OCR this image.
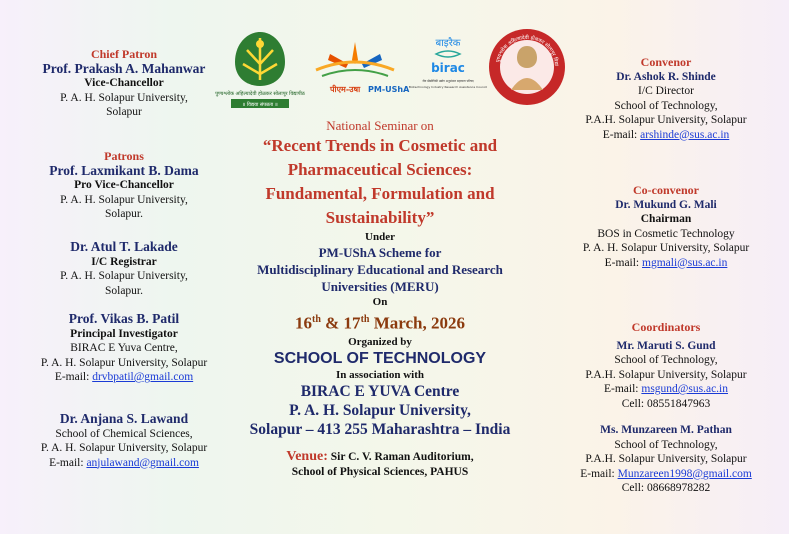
Chief Patron
Prof. Prakash A. Mahanwar
Vice-Chancellor
P. A. H. Solapur University,
Solapur
Patrons
Prof. Laxmikant B. Dama
Pro Vice-Chancellor
P. A. H. Solapur University,
Solapur.
Dr. Atul T. Lakade
I/C Registrar
P. A. H. Solapur University,
Solapur.
Prof. Vikas B. Patil
Principal Investigator
BIRAC E Yuva Centre,
P. A. H. Solapur University, Solapur
E-mail: drvbpatil@gmail.com
Dr. Anjana S. Lawand
School of Chemical Sciences,
P. A. H. Solapur University, Solapur
E-mail: anjulawand@gmail.com
पुण्यश्लोक अहिल्यादेवी होळकर सोलापूर विद्यापीठ
॥ विद्यया संपन्नता ॥
पीएम-उषा PM-UShA
बाइरैक
birac
जैव प्रौद्योगिकी उद्योग अनुसंधान सहायता परिषद
Biotechnology Industry Research Assistance Council
पुण्यश्लोक अहिल्यादेवी होळकर सोलापूर विद्या
National Seminar on
“Recent Trends in Cosmetic and
Pharmaceutical Sciences:
Fundamental, Formulation and
Sustainability”
Under
PM-UShA Scheme for
Multidisciplinary Educational and Research
Universities (MERU)
On
16th & 17th March, 2026
Organized by
SCHOOL OF TECHNOLOGY
In association with
BIRAC E YUVA Centre
P. A. H. Solapur University,
Solapur – 413 255 Maharashtra – India
Venue: Sir C. V. Raman Auditorium,
School of Physical Sciences, PAHUS
Convenor
Dr. Ashok R. Shinde
I/C Director
School of Technology,
P.A.H. Solapur University, Solapur
E-mail: arshinde@sus.ac.in
Co-convenor
Dr. Mukund G. Mali
Chairman
BOS in Cosmetic Technology
P. A. H. Solapur University, Solapur
E-mail: mgmali@sus.ac.in
Coordinators
Mr. Maruti S. Gund
School of Technology,
P.A.H. Solapur University, Solapur
E-mail: msgund@sus.ac.in
Cell: 08551847963
Ms. Munzareen M. Pathan
School of Technology,
P.A.H. Solapur University, Solapur
E-mail: Munzareen1998@gmail.com
Cell: 08668978282
